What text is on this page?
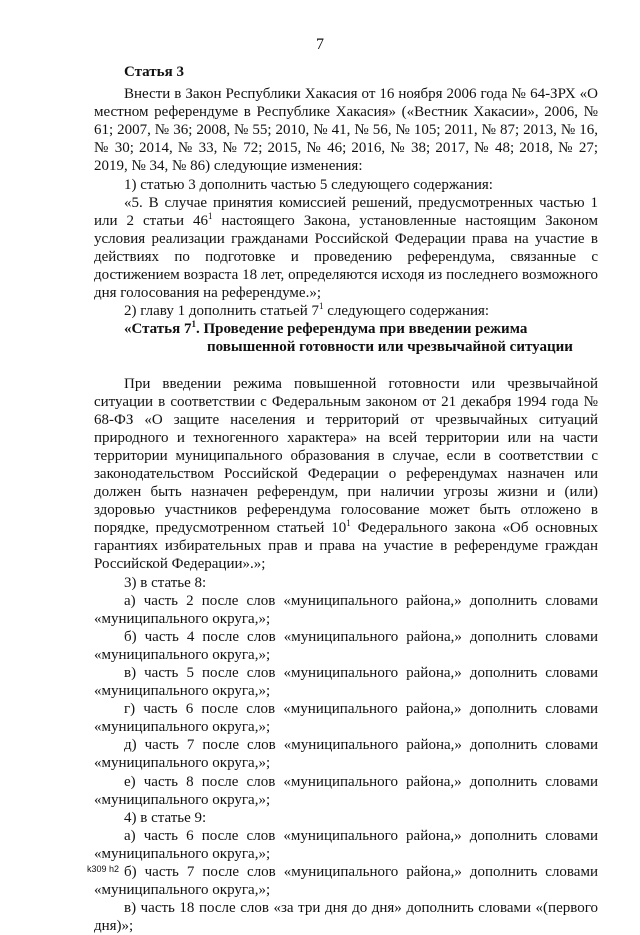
7
Статья 3

Внести в Закон Республики Хакасия от 16 ноября 2006 года № 64-ЗРХ «О местном референдуме в Республике Хакасия» («Вестник Хакасии», 2006, № 61; 2007, № 36; 2008, № 55; 2010, № 41, № 56, № 105; 2011, № 87; 2013, № 16, № 30; 2014, № 33, № 72; 2015, № 46; 2016, № 38; 2017, № 48; 2018, № 27; 2019, № 34, № 86) следующие изменения:

1) статью 3 дополнить частью 5 следующего содержания:

«5. В случае принятия комиссией решений, предусмотренных частью 1 или 2 статьи $46^1$ настоящего Закона, установленные настоящим Законом условия реализации гражданами Российской Федерации права на участие в действиях по подготовке и проведению референдума, связанные с достижением возраста 18 лет, определяются исходя из последнего возможного дня голосования на референдуме.»;

2) главу 1 дополнить статьей $7^1$ следующего содержания:

«Статья $7^1$. Проведение референдума при введении режима
повышенной готовности или чрезвычайной ситуации

При введении режима повышенной готовности или чрезвычайной ситуации в соответствии с Федеральным законом от 21 декабря 1994 года № 68-ФЗ «О защите населения и территорий от чрезвычайных ситуаций природного и техногенного характера» на всей территории или на части территории муниципального образования в случае, если в соответствии с законодательством Российской Федерации о референдумах назначен или должен быть назначен референдум, при наличии угрозы жизни и (или) здоровью участников референдума голосование может быть отложено в порядке, предусмотренном статьей $10^1$ Федерального закона «Об основных гарантиях избирательных прав и права на участие в референдуме граждан Российской Федерации».»;

3) в статье 8:

а) часть 2 после слов «муниципального района,» дополнить словами «муниципального округа,»;

б) часть 4 после слов «муниципального района,» дополнить словами «муниципального округа,»;

в) часть 5 после слов «муниципального района,» дополнить словами «муниципального округа,»;

г) часть 6 после слов «муниципального района,» дополнить словами «муниципального округа,»;

д) часть 7 после слов «муниципального района,» дополнить словами «муниципального округа,»;

е) часть 8 после слов «муниципального района,» дополнить словами «муниципального округа,»;

4) в статье 9:

а) часть 6 после слов «муниципального района,» дополнить словами «муниципального округа,»;

б) часть 7 после слов «муниципального района,» дополнить словами «муниципального округа,»;

в) часть 18 после слов «за три дня до дня» дополнить словами «(первого дня)»;

k309 h2
